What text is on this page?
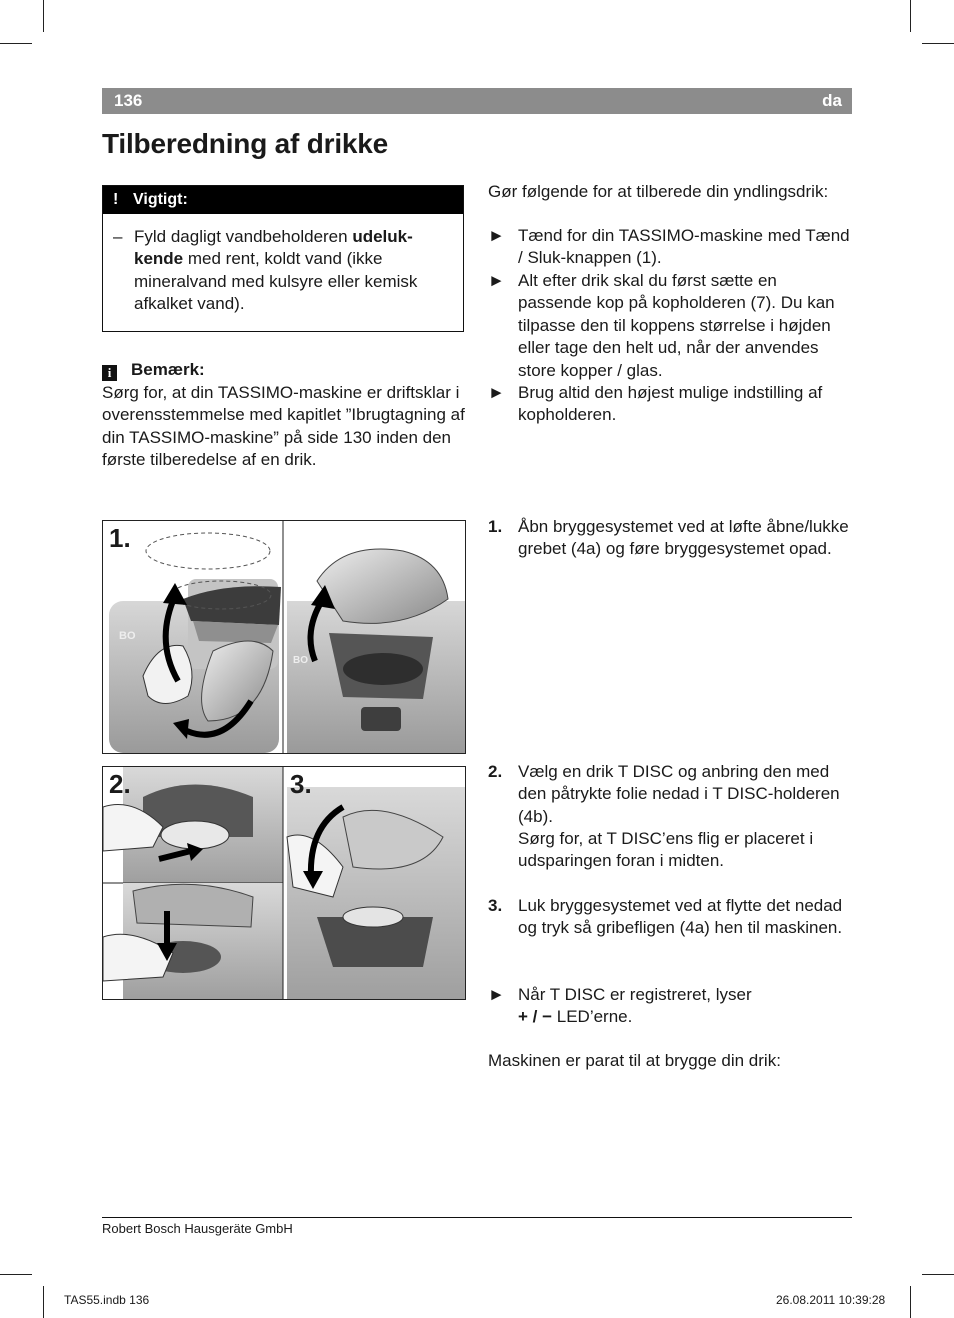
136	da
Tilberedning af drikke
! Vigtigt:
– Fyld dagligt vandbeholderen udeluk-kende med rent, koldt vand (ikke mineralvand med kulsyre eller kemisk afkalket vand).
i Bemærk:
Sørg for, at din TASSIMO-maskine er driftsklar i overensstemmelse med kapitlet ”Ibrugtagning af din TASSIMO-maskine” på side 130 inden den første tilberedelse af en drik.
Gør følgende for at tilberede din yndlingsdrik:
► Tænd for din TASSIMO-maskine med Tænd / Sluk-knappen (1).
► Alt efter drik skal du først sætte en passende kop på kopholderen (7). Du kan tilpasse den til koppens størrelse i højden eller tage den helt ud, når der anvendes store kopper / glas.
► Brug altid den højest mulige indstilling af kopholderen.
1. Åbn bryggesystemet ved at løfte åbne/lukke grebet (4a) og føre bryggesystemet opad.
2. Vælg en drik T DISC og anbring den med den påtrykte folie nedad i T DISC-holderen (4b).
Sørg for, at T DISC’ens flig er placeret i udsparingen foran i midten.
3. Luk bryggesystemet ved at flytte det nedad og tryk så gribefligen (4a) hen til maskinen.
► Når T DISC er registreret, lyser
+ / − LED’erne.
Maskinen er parat til at brygge din drik:
BO
BO
1.
2.	3.
Robert Bosch Hausgeräte GmbH
TAS55.indb 136	26.08.2011 10:39:28
